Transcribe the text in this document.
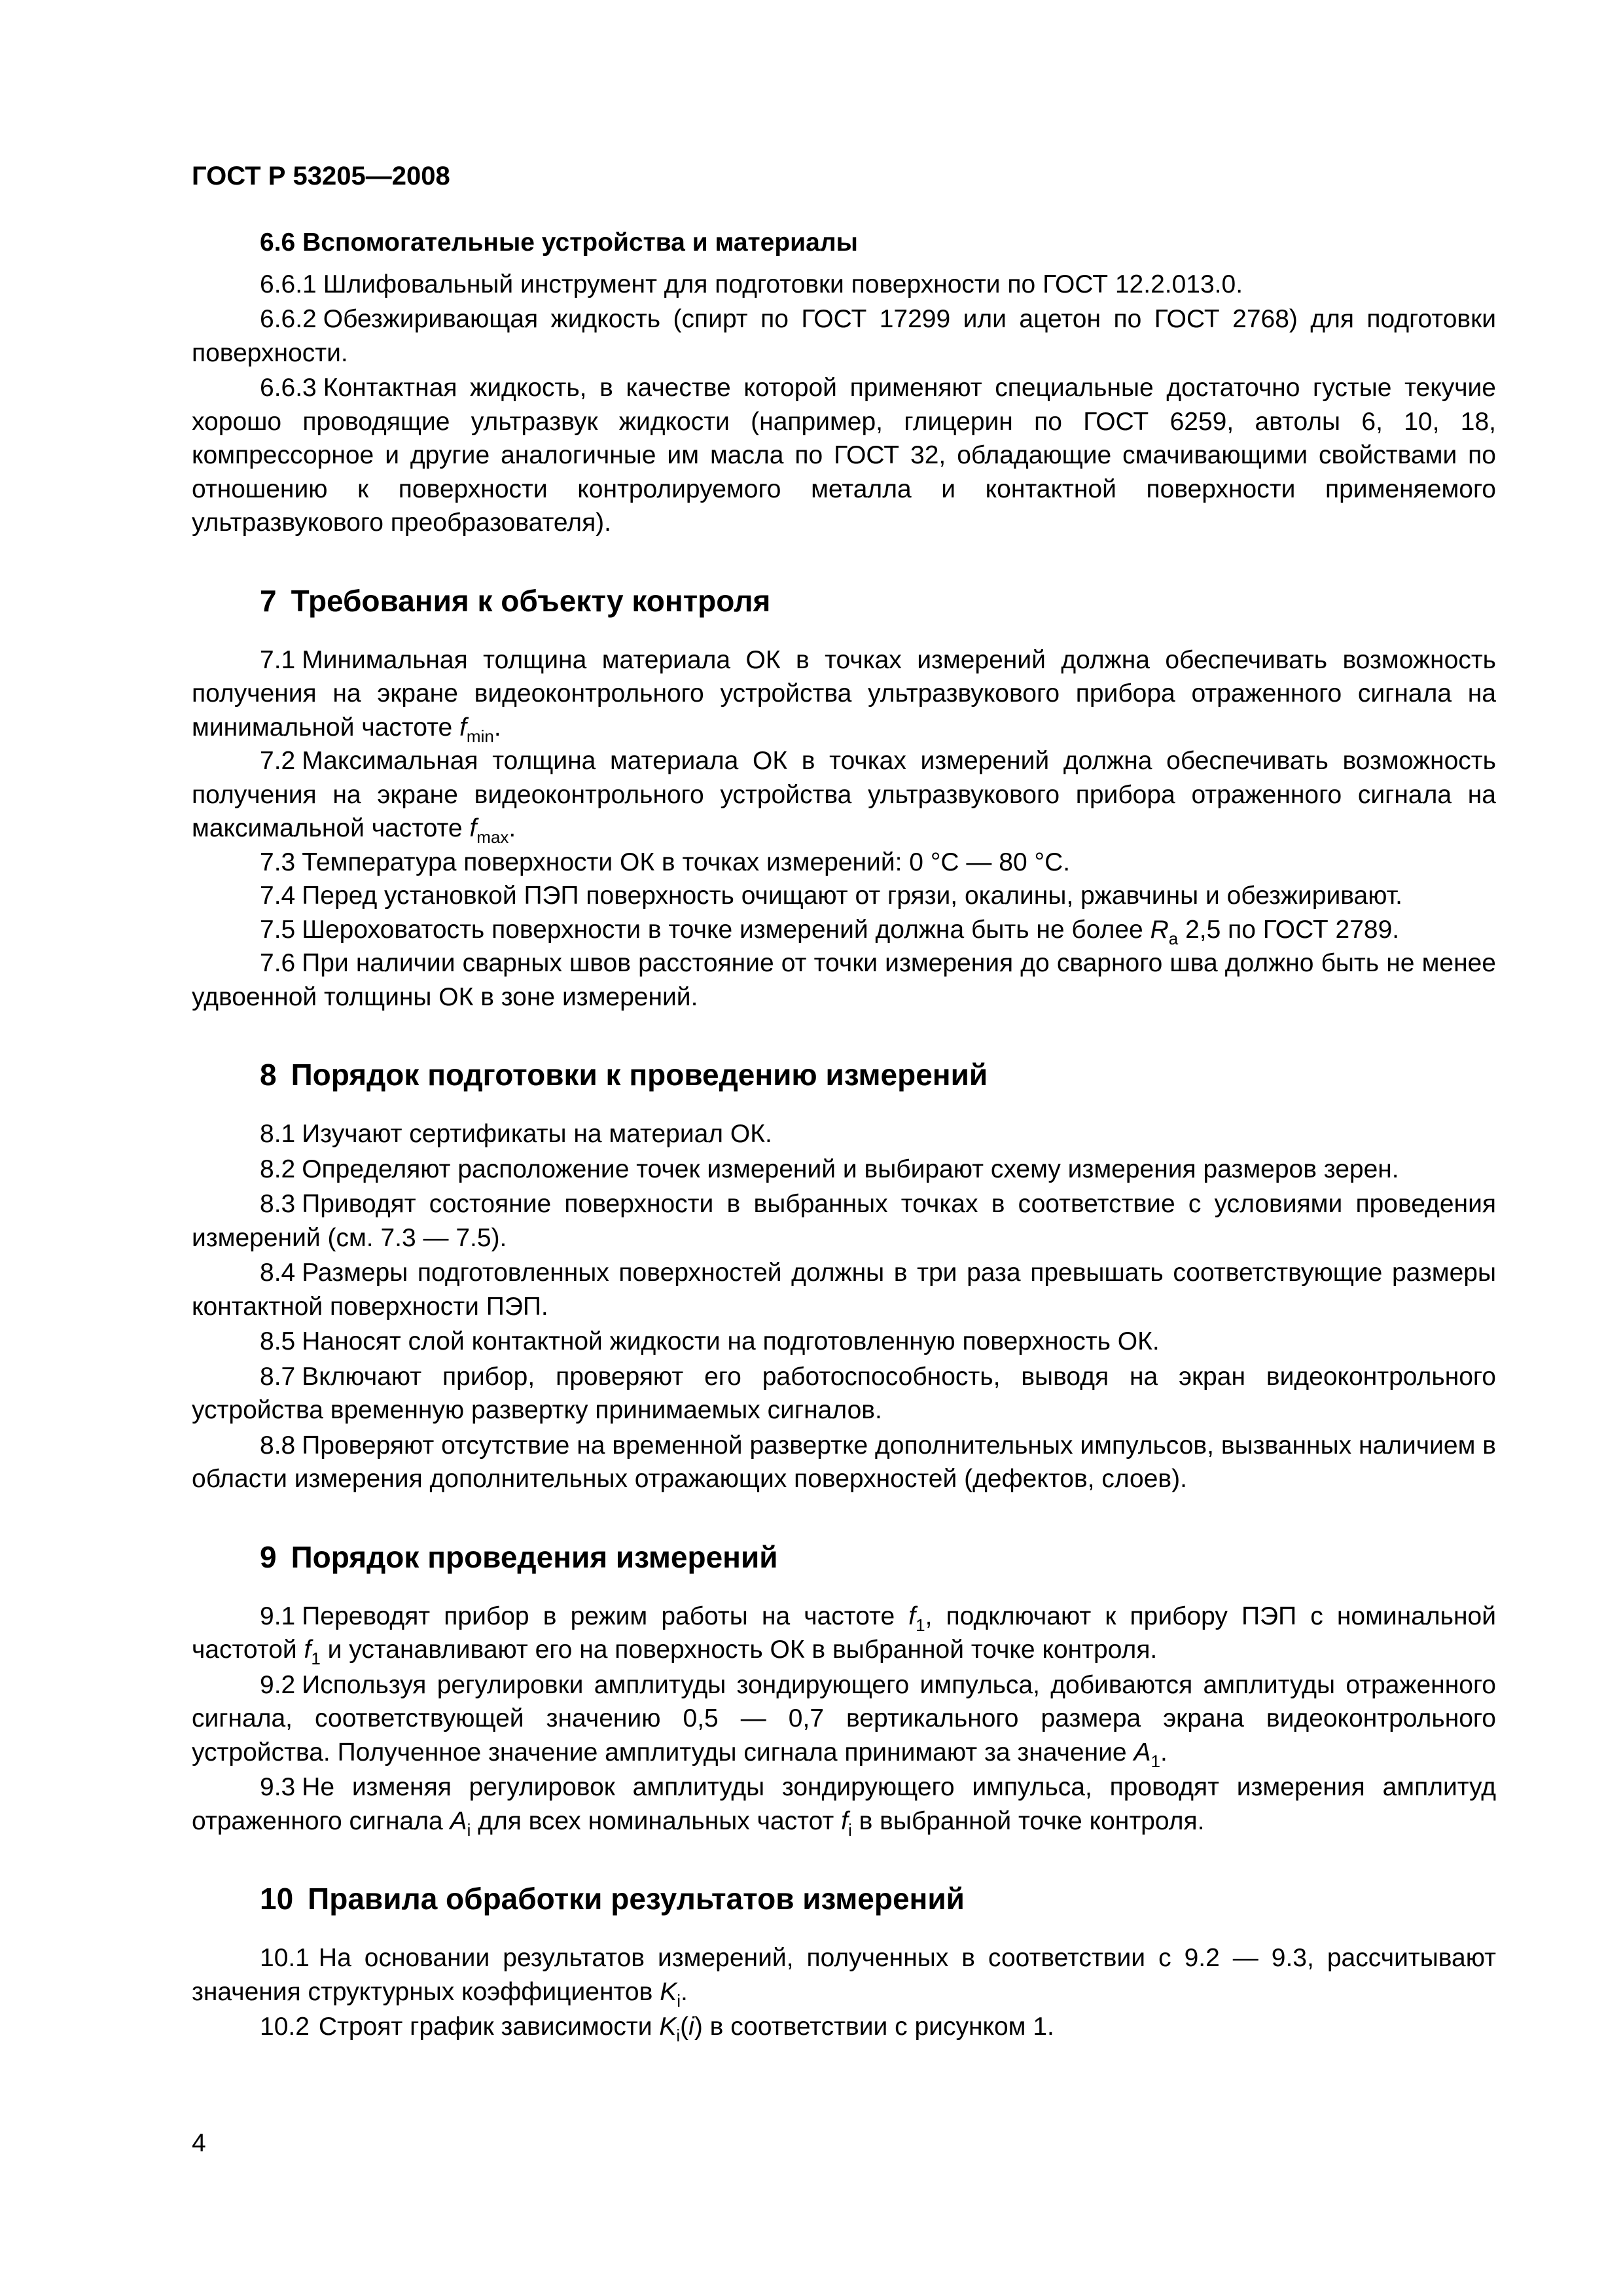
ГОСТ Р 53205—2008
6.6 Вспомогательные устройства и материалы

6.6.1 Шлифовальный инструмент для подготовки поверхности по ГОСТ 12.2.013.0.

6.6.2 Обезжиривающая жидкость (спирт по ГОСТ 17299 или ацетон по ГОСТ 2768) для подготовки поверхности.

6.6.3 Контактная жидкость, в качестве которой применяют специальные достаточно густые текучие хорошо проводящие ультразвук жидкости (например, глицерин по ГОСТ 6259, автолы 6, 10, 18, компрессорное и другие аналогичные им масла по ГОСТ 32, обладающие смачивающими свойствами по отношению к поверхности контролируемого металла и контактной поверхности применяемого ультразвукового преобразователя).

7 Требования к объекту контроля

7.1 Минимальная толщина материала ОК в точках измерений должна обеспечивать возможность получения на экране видеоконтрольного устройства ультразвукового прибора отраженного сигнала на минимальной частоте $f_{min}$.

7.2 Максимальная толщина материала ОК в точках измерений должна обеспечивать возможность получения на экране видеоконтрольного устройства ультразвукового прибора отраженного сигнала на максимальной частоте $f_{max}$.

7.3 Температура поверхности ОК в точках измерений: 0 °С — 80 °С.

7.4 Перед установкой ПЭП поверхность очищают от грязи, окалины, ржавчины и обезжиривают.

7.5 Шероховатость поверхности в точке измерений должна быть не более $R_a$ 2,5 по ГОСТ 2789.

7.6 При наличии сварных швов расстояние от точки измерения до сварного шва должно быть не менее удвоенной толщины ОК в зоне измерений.

8 Порядок подготовки к проведению измерений

8.1 Изучают сертификаты на материал ОК.

8.2 Определяют расположение точек измерений и выбирают схему измерения размеров зерен.

8.3 Приводят состояние поверхности в выбранных точках в соответствие с условиями проведения измерений (см. 7.3 — 7.5).

8.4 Размеры подготовленных поверхностей должны в три раза превышать соответствующие размеры контактной поверхности ПЭП.

8.5 Наносят слой контактной жидкости на подготовленную поверхность ОК.

8.7 Включают прибор, проверяют его работоспособность, выводя на экран видеоконтрольного устройства временную развертку принимаемых сигналов.

8.8 Проверяют отсутствие на временной развертке дополнительных импульсов, вызванных наличием в области измерения дополнительных отражающих поверхностей (дефектов, слоев).

9 Порядок проведения измерений

9.1 Переводят прибор в режим работы на частоте $f_1$, подключают к прибору ПЭП с номинальной частотой $f_1$ и устанавливают его на поверхность ОК в выбранной точке контроля.

9.2 Используя регулировки амплитуды зондирующего импульса, добиваются амплитуды отраженного сигнала, соответствующей значению 0,5 — 0,7 вертикального размера экрана видеоконтрольного устройства. Полученное значение амплитуды сигнала принимают за значение $A_1$.

9.3 Не изменяя регулировок амплитуды зондирующего импульса, проводят измерения амплитуд отраженного сигнала $A_i$ для всех номинальных частот $f_i$ в выбранной точке контроля.

10 Правила обработки результатов измерений

10.1 На основании результатов измерений, полученных в соответствии с 9.2 — 9.3, рассчитывают значения структурных коэффициентов $K_i$.

10.2 Строят график зависимости $K_i(i)$ в соответствии с рисунком 1.

4
